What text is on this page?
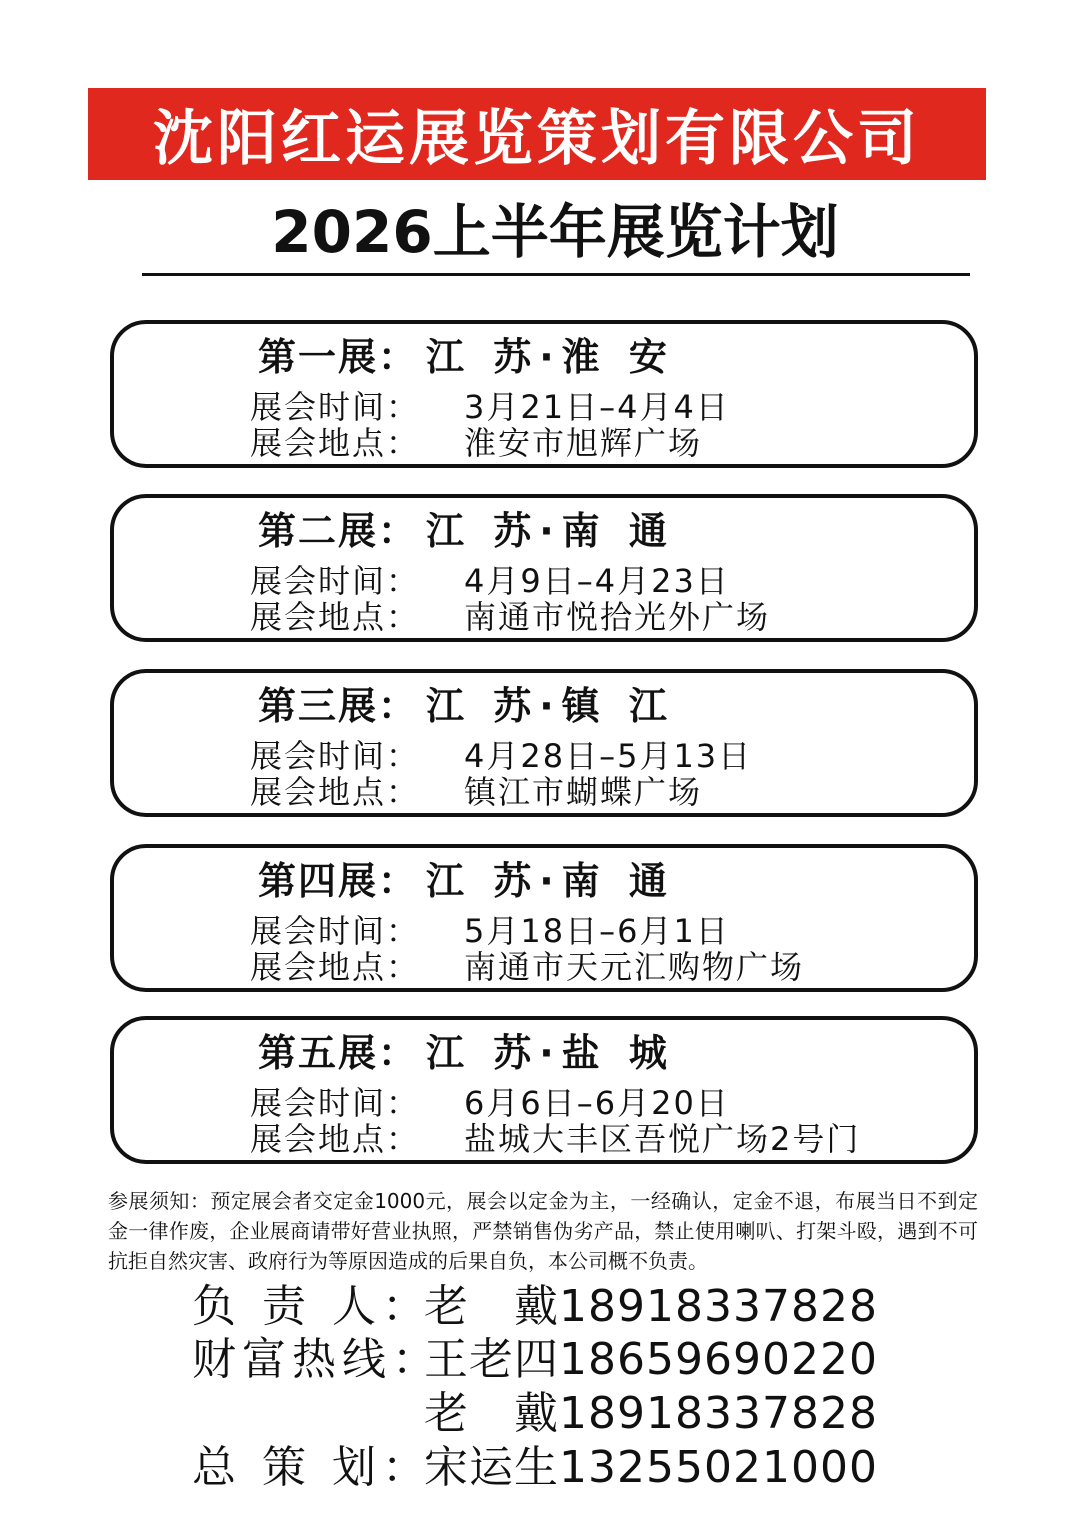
沈阳红运展览策划有限公司
2026上半年展览计划
第一展： 江 苏·淮 安
展会时间： 3月21日–4月4日
展会地点： 淮安市旭辉广场
第二展： 江 苏·南 通
展会时间： 4月9日–4月23日
展会地点： 南通市悦拾光外广场
第三展： 江 苏·镇 江
展会时间： 4月28日–5月13日
展会地点： 镇江市蝴蝶广场
第四展： 江 苏·南 通
展会时间： 5月18日–6月1日
展会地点： 南通市天元汇购物广场
第五展： 江 苏·盐 城
展会时间： 6月6日–6月20日
展会地点： 盐城大丰区吾悦广场2号门
参展须知：预定展会者交定金1000元，展会以定金为主，一经确认，定金不退，布展当日不到定金一律作废，企业展商请带好营业执照，严禁销售伪劣产品，禁止使用喇叭、打架斗殴，遇到不可抗拒自然灾害、政府行为等原因造成的后果自负，本公司概不负责。
负 责 人：老　戴18918337828
财富热线：王老四18659690220
老　戴18918337828
总 策 划：宋运生13255021000
